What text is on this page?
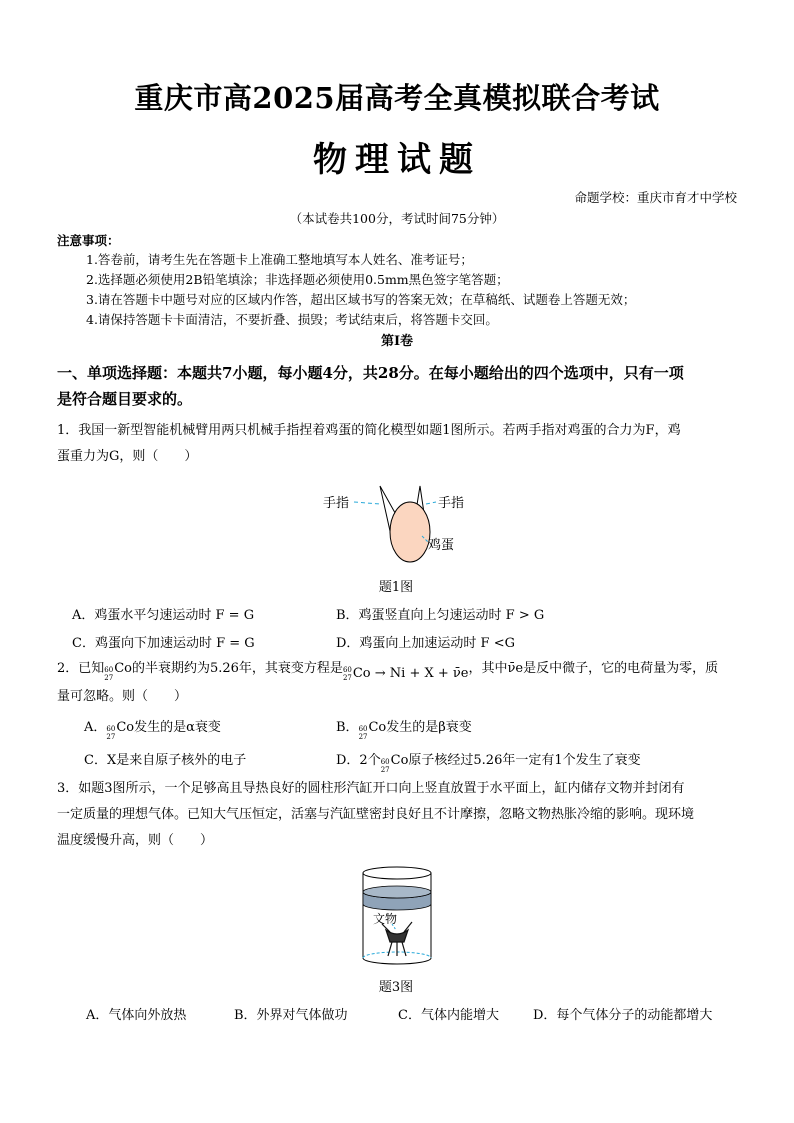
重庆市高2025届高考全真模拟联合考试
物理试题
命题学校：重庆市育才中学校
（本试卷共100分，考试时间75分钟）
注意事项：
1.答卷前，请考生先在答题卡上准确工整地填写本人姓名、准考证号；
2.选择题必须使用2B铅笔填涂；非选择题必须使用0.5mm黑色签字笔答题；
3.请在答题卡中题号对应的区域内作答，超出区域书写的答案无效；在草稿纸、试题卷上答题无效；
4.请保持答题卡卡面清洁，不要折叠、损毁；考试结束后，将答题卡交回。
第Ⅰ卷
一、单项选择题：本题共7小题，每小题4分，共28分。在每小题给出的四个选项中，只有一项
是符合题目要求的。
1．我国一新型智能机械臂用两只机械手指捏着鸡蛋的简化模型如题1图所示。若两手指对鸡蛋的合力为F，鸡
蛋重力为G，则（　　）
手指	手指
鸡蛋
题1图
A．鸡蛋水平匀速运动时 F = G	B．鸡蛋竖直向上匀速运动时 F > G
C．鸡蛋向下加速运动时 F = G	D．鸡蛋向上加速运动时 F <G
2．已知 60
27
Co的半衰期约为5.26年，其衰变方程是 60
27 Co → Ni + X + ν̄e ，其中ν̄e是反中微子，它的电荷量为零，质
量可忽略。则（　　）
A． 60
27
Co发生的是α衰变	B． 60
27
Co发生的是β衰变
C．X是来自原子核外的电子	D．2个 60
27
Co原子核经过5.26年一定有1个发生了衰变
3．如题3图所示，一个足够高且导热良好的圆柱形汽缸开口向上竖直放置于水平面上，缸内储存文物并封闭有
一定质量的理想气体。已知大气压恒定，活塞与汽缸壁密封良好且不计摩擦，忽略文物热胀冷缩的影响。现环境
温度缓慢升高，则（　　）
文物
题3图
A．气体向外放热	B．外界对气体做功	C．气体内能增大	D．每个气体分子的动能都增大
